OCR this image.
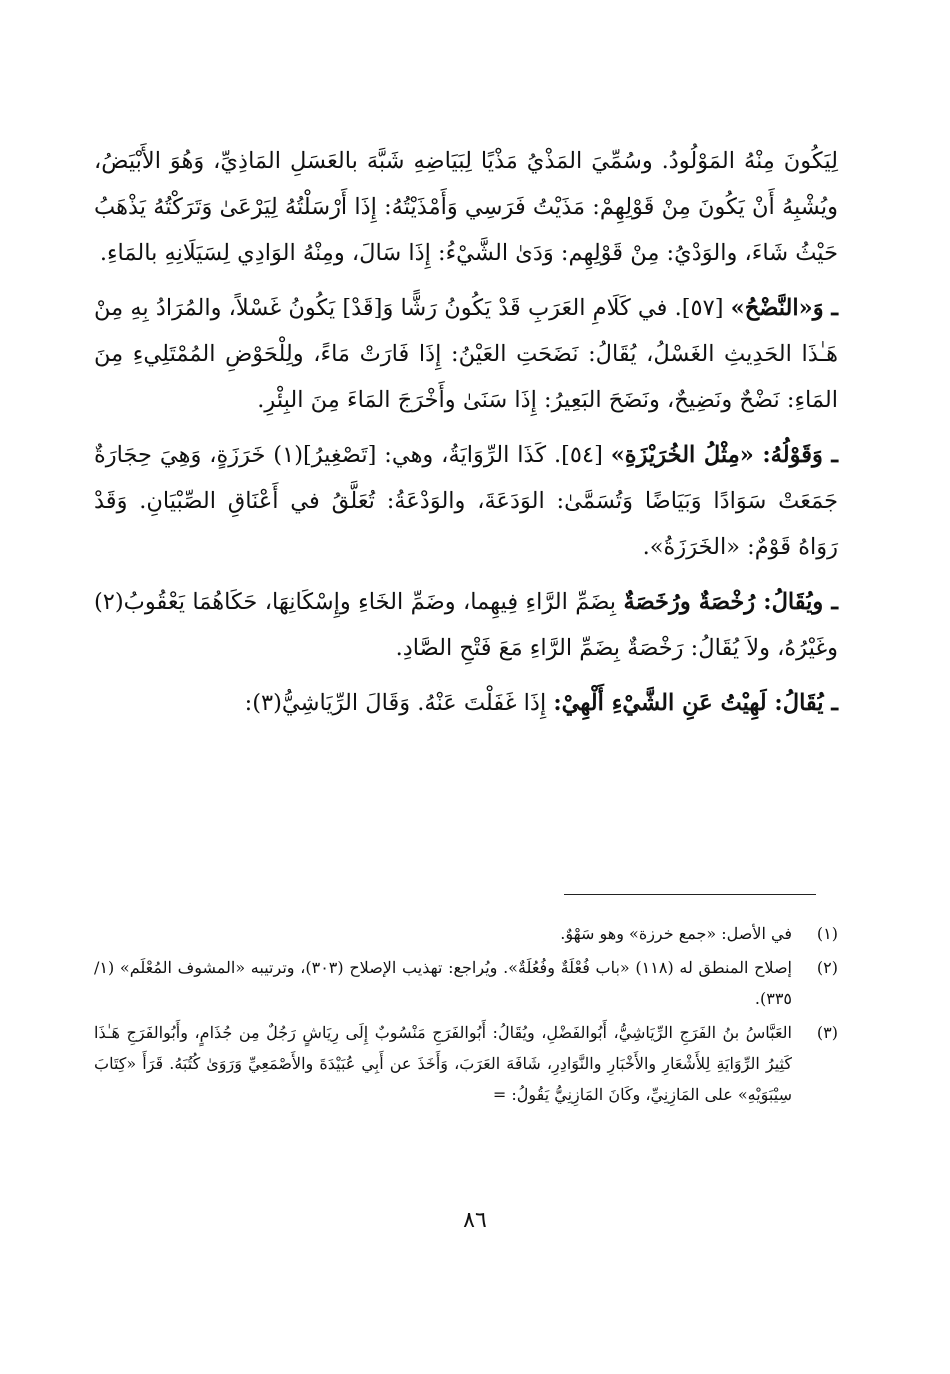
لِيَكُونَ مِنْهُ المَوْلُودُ. وسُمِّيَ المَذْيُ مَذْيًا لِبَيَاضِهِ شَبَّهَ بالعَسَلِ المَاذِيِّ، وَهُوَ الأَبْيَضُ، ويُشْبِهُ أَنْ يَكُونَ مِنْ قَوْلِهِمْ: مَذَيْتُ فَرَسِي وَأَمْذَيْتُهُ: إِذَا أَرْسَلْتُهُ لِيَرْعَىٰ وَتَرَكْتُهُ يَذْهَبُ حَيْثُ شَاءَ، والوَدْيُ: مِنْ قَوْلِهِم: وَدَىٰ الشَّيْءُ: إِذَا سَالَ، ومِنْهُ الوَادِي لِسَيَلَانِهِ بالمَاءِ.

ـ وَ«النَّضْحُ» [٥٧]. في كَلَامِ العَرَبِ قَدْ يَكُونُ رَشًّا وَ[قَدْ] يَكُونُ غَسْلاً، والمُرَادُ بِهِ مِنْ هَـٰذَا الحَدِيثِ الغَسْلُ، يُقَالُ: نَضَحَتِ العَيْنُ: إِذَا فَارَتْ مَاءً، ولِلْحَوْضِ المُمْتَلِيءِ مِنَ المَاءِ: نَضْحٌ ونَضِيحٌ، ونَضَحَ البَعِيرُ: إِذَا سَنَىٰ وأَخْرَجَ المَاءَ مِنَ البِئْرِ.

ـ وَقَوْلُهُ: «مِثْلُ الخُرَيْزَةِ» [٥٤]. كَذَا الرِّوَايَةُ، وهي: [تَصْغِيرُ](١) خَرَزَةٍ، وَهِيَ حِجَارَةٌ جَمَعَتْ سَوَادًا وَبَيَاضًا وَتُسَمَّىٰ: الوَدَعَةَ، والوَدْعَةُ: تُعَلَّقُ في أَعْنَاقِ الصِّبْيَانِ. وَقَدْ رَوَاهُ قَوْمٌ: «الخَرَزَةُ».

ـ ويُقَالُ: رُخْصَةٌ ورُخَصَةٌ بِضَمِّ الرَّاءِ فِيهِما، وضَمِّ الخَاءِ وإِسْكَانِهَا، حَكَاهُمَا يَعْقُوبُ(٢) وغَيْرُهُ، ولاَ يُقَالُ: رَخْصَةٌ بِضَمِّ الرَّاءِ مَعَ فَتْحِ الصَّادِ.

ـ يُقَالُ: لَهِيْتُ عَنِ الشَّيْءِ أَلْهِيْ: إِذَا غَفَلْتَ عَنْهُ. وَقَالَ الرِّيَاشِيُّ(٣):

(١)
في الأصل: «جمع خرزة» وهو سَهْوٌ.
(٢)
إصلاح المنطق له (١١٨) «باب فُعْلَةٌ وفُعُلَةٌ». ويُراجع: تهذيب الإصلاح (٣٠٣)، وترتيبه «المشوف المُعْلَم» (١/ ٣٣٥).
(٣)
العَبَّاسُ بنُ الفَرَجِ الرِّيَاشِيُّ، أَبُوالفَضْلِ، ويُقَالُ: أَبُوالفَرَجِ مَنْسُوبٌ إِلَى رِيَاشٍ رَجُلٌ مِن جُذَامٍ، وأَبُوالفَرَجِ هَـٰذَا كَثِيرُ الرِّوَايَةِ لِلأَشْعَارِ والأَخْبَارِ والنَّوَادِرِ، شَافَهَ العَرَبَ، وَأَخَذَ عن أَبِي عُبَيْدَةَ والأَصْمَعِيِّ وَرَوَىٰ كُتُبَهُ. قَرَأَ «كِتَابَ سِيْبَوَيْهِ» على المَازِنِيِّ، وكَانَ المَازِنِيُّ يَقُولُ: =
٨٦
